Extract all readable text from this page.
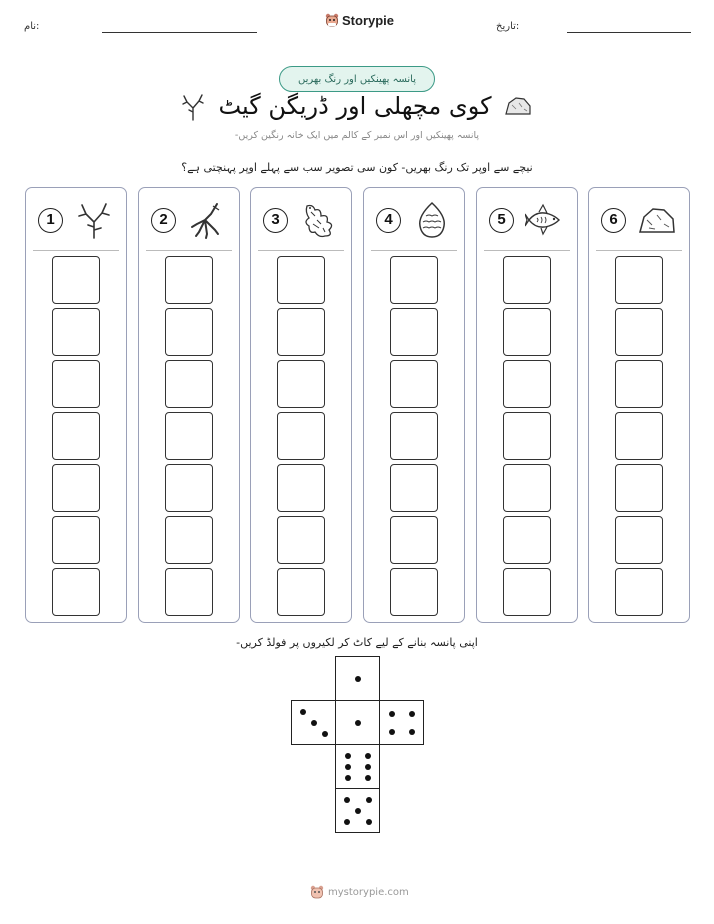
نام:	Storypie	تاریخ:
پانسہ پھینکیں اور رنگ بھریں
کوی مچھلی اور ڈریگن گیٹ
پانسہ پھینکیں اور اس نمبر کے کالم میں ایک خانہ رنگین کریں-
نیچے سے اوپر تک رنگ بھریں- کون سی تصویر سب سے پہلے اوپر پہنچتی ہے؟
1	2	3	4	5	6
اپنی پانسہ بنانے کے لیے کاٹ کر لکیروں پر فولڈ کریں-
mystorypie.com
